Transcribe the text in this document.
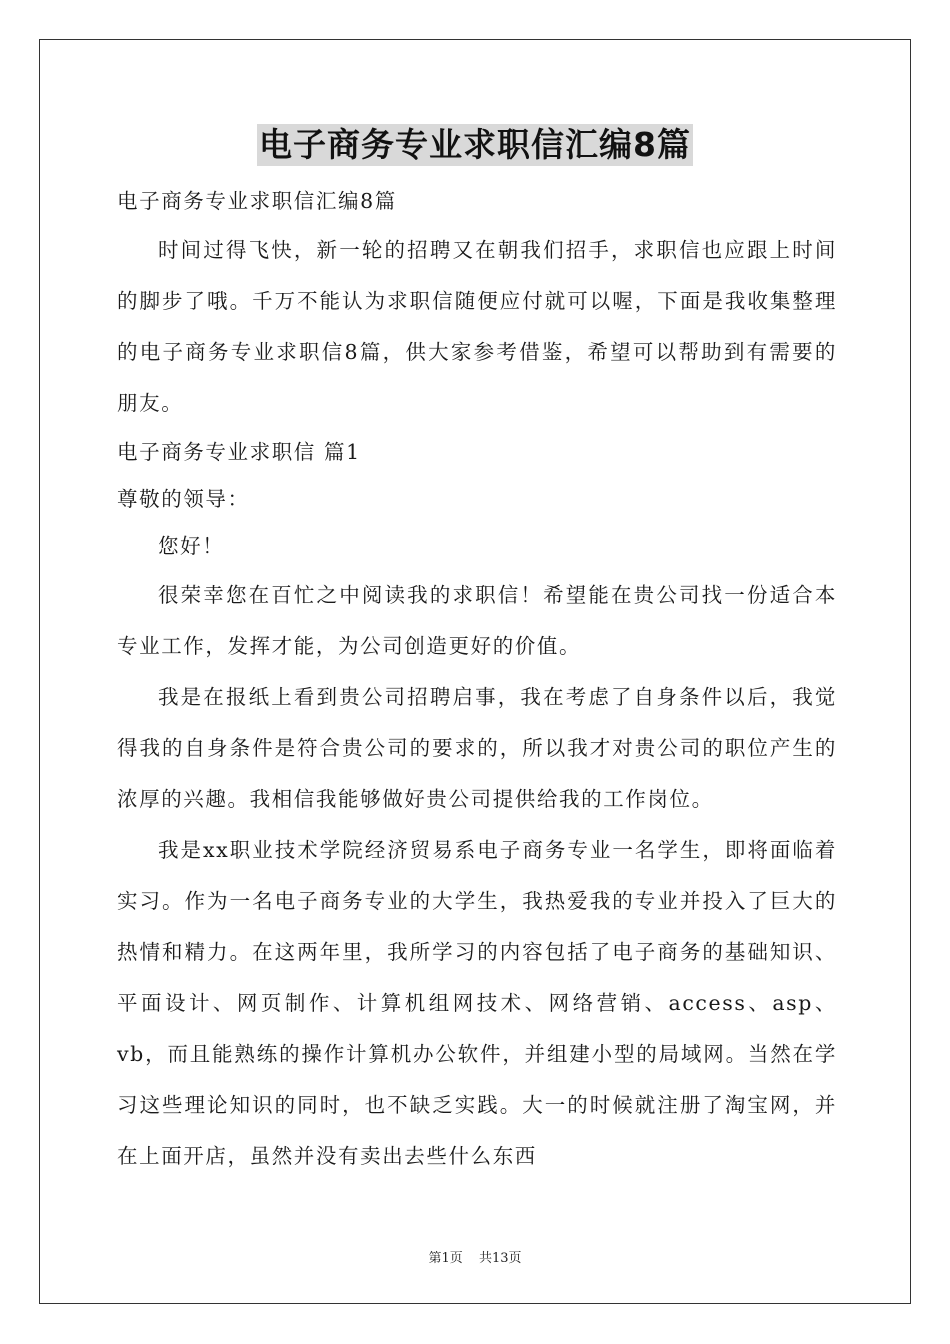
电子商务专业求职信汇编8篇

电子商务专业求职信汇编8篇

时间过得飞快，新一轮的招聘又在朝我们招手，求职信也应跟上时间的脚步了哦。千万不能认为求职信随便应付就可以喔，下面是我收集整理的电子商务专业求职信8篇，供大家参考借鉴，希望可以帮助到有需要的朋友。

电子商务专业求职信 篇1

尊敬的领导：

您好！

很荣幸您在百忙之中阅读我的求职信！希望能在贵公司找一份适合本专业工作，发挥才能，为公司创造更好的价值。

我是在报纸上看到贵公司招聘启事，我在考虑了自身条件以后，我觉得我的自身条件是符合贵公司的要求的，所以我才对贵公司的职位产生的浓厚的兴趣。我相信我能够做好贵公司提供给我的工作岗位。

我是xx职业技术学院经济贸易系电子商务专业一名学生，即将面临着实习。作为一名电子商务专业的大学生，我热爱我的专业并投入了巨大的热情和精力。在这两年里，我所学习的内容包括了电子商务的基础知识、平面设计、网页制作、计算机组网技术、网络营销、access、asp、vb，而且能熟练的操作计算机办公软件，并组建小型的局域网。当然在学习这些理论知识的同时，也不缺乏实践。大一的时候就注册了淘宝网，并在上面开店，虽然并没有卖出去些什么东西

第1页 共13页
